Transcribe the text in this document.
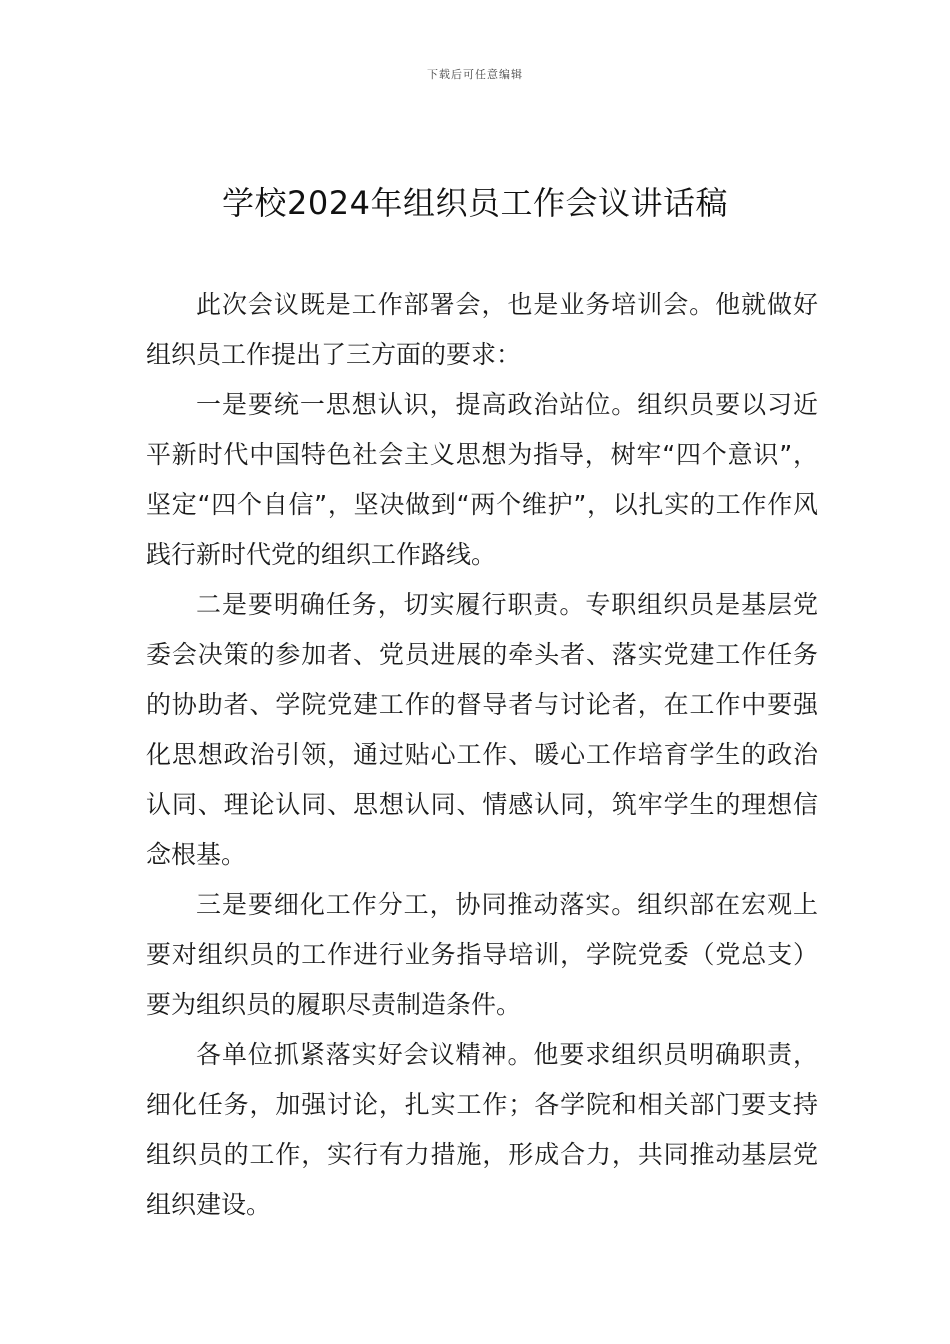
下载后可任意编辑
学校2024年组织员工作会议讲话稿

此次会议既是工作部署会，也是业务培训会。他就做好组织员工作提出了三方面的要求：

一是要统一思想认识，提高政治站位。组织员要以习近平新时代中国特色社会主义思想为指导，树牢“四个意识”，坚定“四个自信”，坚决做到“两个维护”，以扎实的工作作风践行新时代党的组织工作路线。

二是要明确任务，切实履行职责。专职组织员是基层党委会决策的参加者、党员进展的牵头者、落实党建工作任务的协助者、学院党建工作的督导者与讨论者，在工作中要强化思想政治引领，通过贴心工作、暖心工作培育学生的政治认同、理论认同、思想认同、情感认同，筑牢学生的理想信念根基。

三是要细化工作分工，协同推动落实。组织部在宏观上要对组织员的工作进行业务指导培训，学院党委（党总支）要为组织员的履职尽责制造条件。

各单位抓紧落实好会议精神。他要求组织员明确职责，细化任务，加强讨论，扎实工作；各学院和相关部门要支持组织员的工作，实行有力措施，形成合力，共同推动基层党组织建设。
